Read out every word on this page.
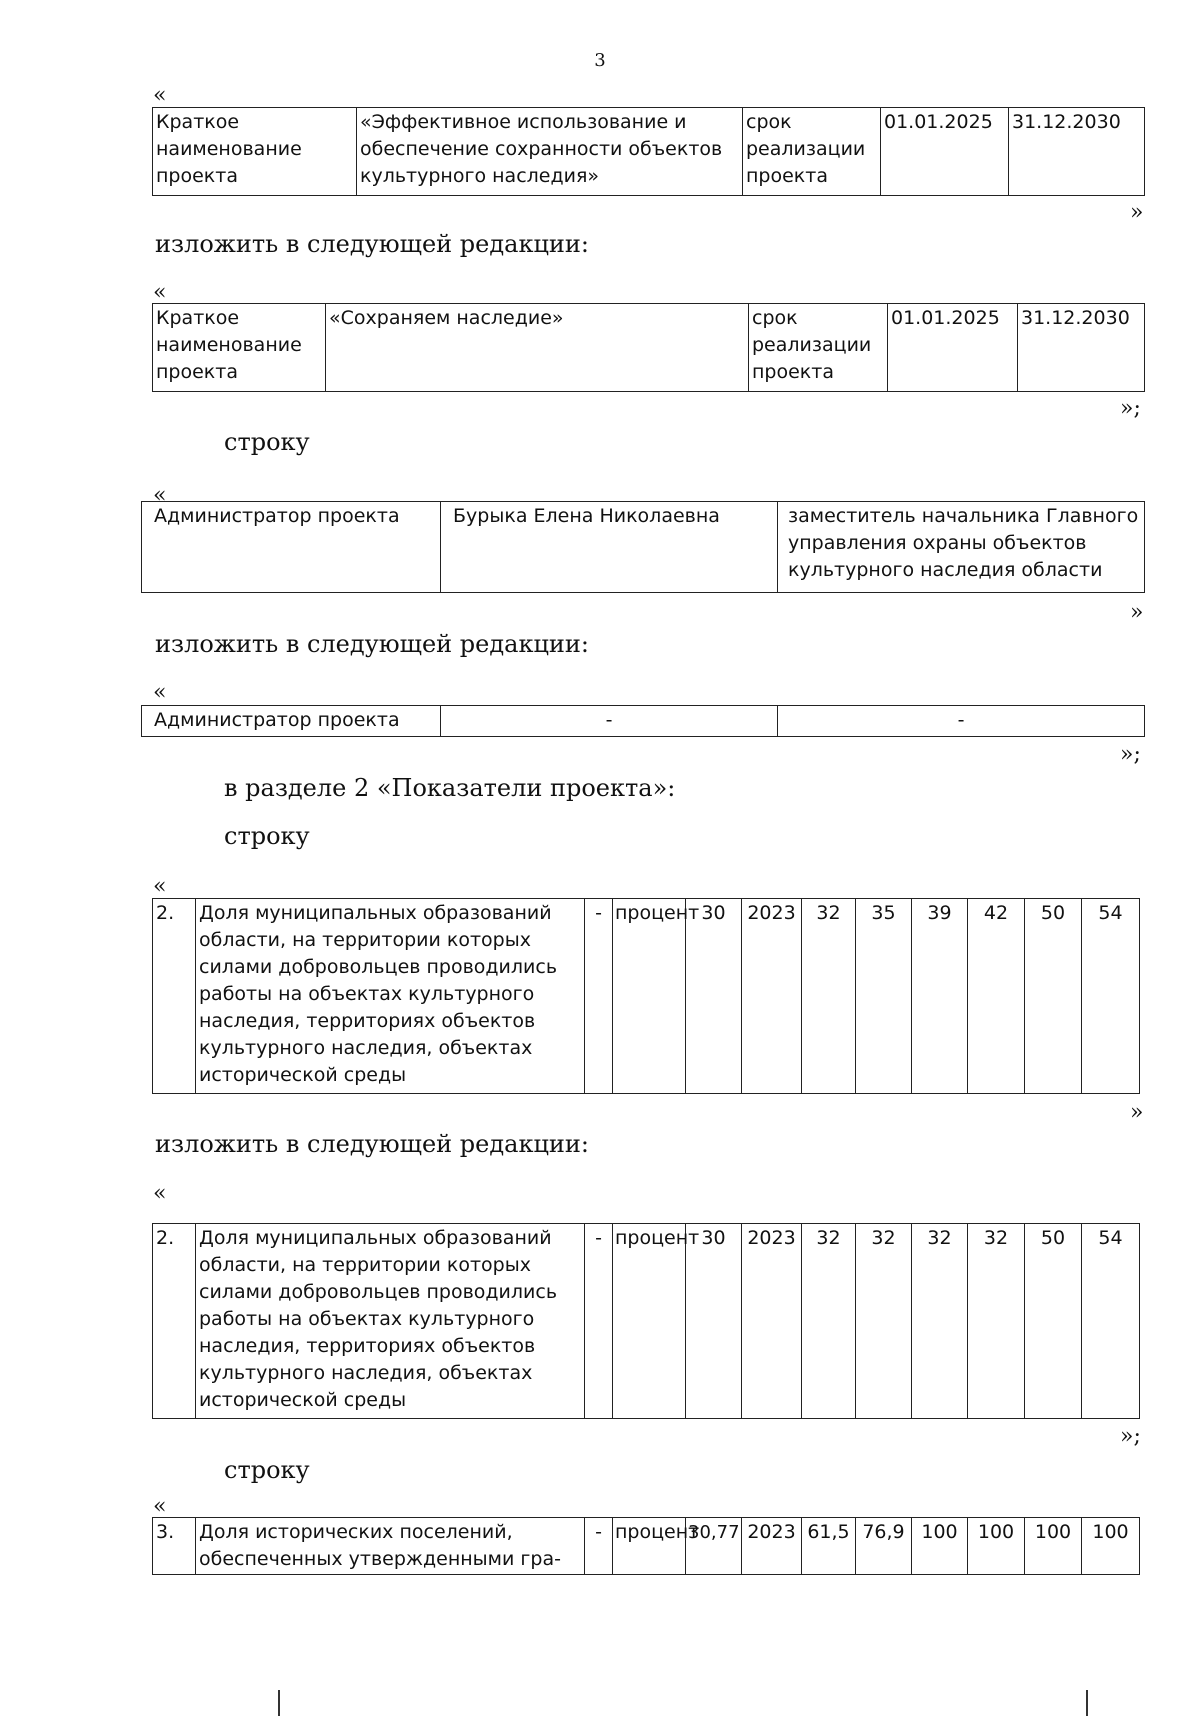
3
«
Краткое наименование проекта	«Эффективное использование и обеспечение сохранности объектов культурного наследия»	срок реализации проекта	01.01.2025	31.12.2030
»
изложить в следующей редакции:
«
Краткое наименование проекта	«Сохраняем наследие»	срок реализации проекта	01.01.2025	31.12.2030
»;
строку
«
Администратор проекта	Бурыка Елена Николаевна	заместитель начальника Главного управления охраны объектов культурного наследия области
»
изложить в следующей редакции:
«
Администратор проекта	-	-
»;
в разделе 2 «Показатели проекта»:
строку
«
2.	Доля муниципальных образований области, на территории которых силами добровольцев проводились работы на объектах культурного наследия, территориях объектов культурного наследия, объектах исторической среды	-	процент	30	2023	32	35	39	42	50	54
»
изложить в следующей редакции:
«
2.	Доля муниципальных образований области, на территории которых силами добровольцев проводились работы на объектах культурного наследия, территориях объектов культурного наследия, объектах исторической среды	-	процент	30	2023	32	32	32	32	50	54
»;
строку
«
3.	Доля исторических поселений, обеспеченных утвержденными гра-	-	процент	30,77	2023	61,5	76,9	100	100	100	100
